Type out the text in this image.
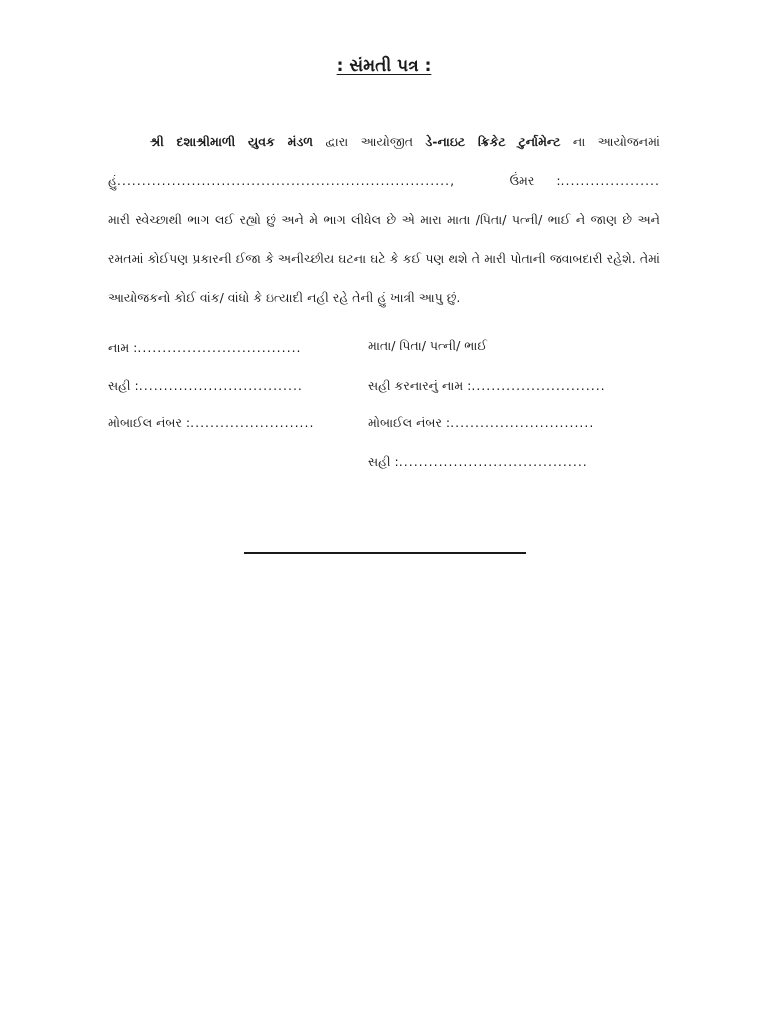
: સંમતી પત્ર :
શ્રી દશાશ્રીમાળી યુવક મંડળ દ્વારા આયોજીત ડે-નાઇટ ક્રિકેટ ટુર્નામેન્ટ ના આયોજનમાં
હું ...................................................................,	ઉંમર	: ....................
મારી સ્વેચ્છાથી ભાગ લઈ રહ્યો છું અને મે ભાગ લીધેલ છે એ મારા માતા /પિતા/ પત્ની/ ભાઈ ને જાણ છે અને
રમતમાં કોઈપણ પ્રકારની ઈજા કે અનીચ્છીય ઘટના ઘટે કે કઈ પણ થશે તે મારી પોતાની જવાબદારી રહેશે. તેમાં
આયોજકનો કોઈ વાંક/ વાંધો કે ઇત્યાદી નહી રહે તેની હું ખાત્રી આપુ છું.
નામ :.................................
સહી :.................................
મોબાઈલ નંબર :.........................
માતા/ પિતા/ પત્ની/ ભાઈ
સહી કરનારનું નામ :...........................
મોબાઈલ નંબર :.............................
સહી :......................................
